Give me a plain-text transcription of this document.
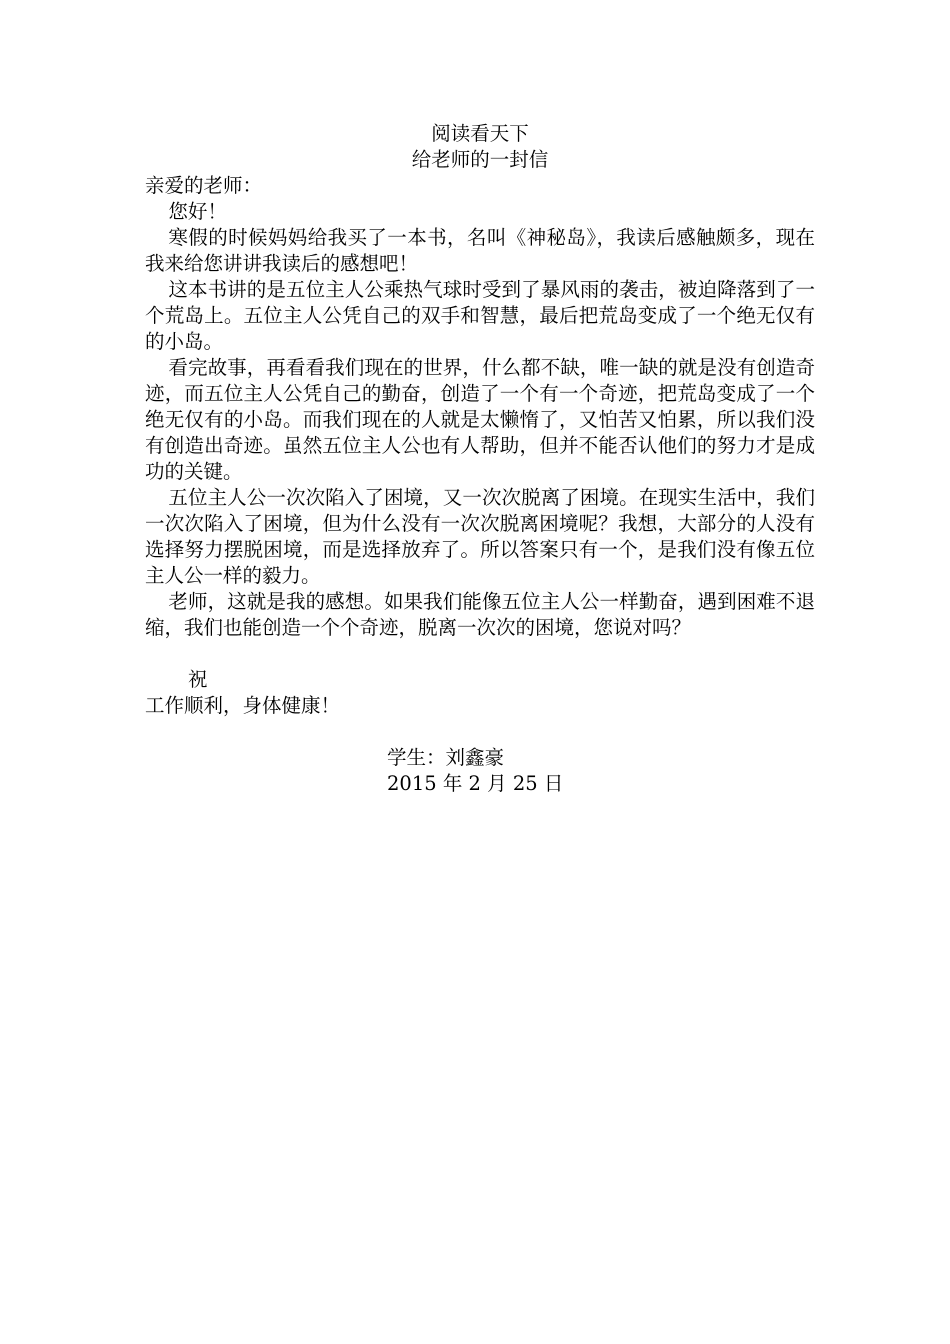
阅读看天下

给老师的一封信

亲爱的老师：

您好！

寒假的时候妈妈给我买了一本书，名叫《神秘岛》，我读后感触颇多，现在我来给您讲讲我读后的感想吧！

这本书讲的是五位主人公乘热气球时受到了暴风雨的袭击，被迫降落到了一个荒岛上。五位主人公凭自己的双手和智慧，最后把荒岛变成了一个绝无仅有的小岛。

看完故事，再看看我们现在的世界，什么都不缺，唯一缺的就是没有创造奇迹，而五位主人公凭自己的勤奋，创造了一个有一个奇迹，把荒岛变成了一个绝无仅有的小岛。而我们现在的人就是太懒惰了，又怕苦又怕累，所以我们没有创造出奇迹。虽然五位主人公也有人帮助，但并不能否认他们的努力才是成功的关键。

五位主人公一次次陷入了困境，又一次次脱离了困境。在现实生活中，我们一次次陷入了困境，但为什么没有一次次脱离困境呢？我想，大部分的人没有选择努力摆脱困境，而是选择放弃了。所以答案只有一个，是我们没有像五位主人公一样的毅力。

老师，这就是我的感想。如果我们能像五位主人公一样勤奋，遇到困难不退缩，我们也能创造一个个奇迹，脱离一次次的困境，您说对吗？

祝

工作顺利，身体健康！

学生：刘鑫豪

2015 年 2 月 25 日
